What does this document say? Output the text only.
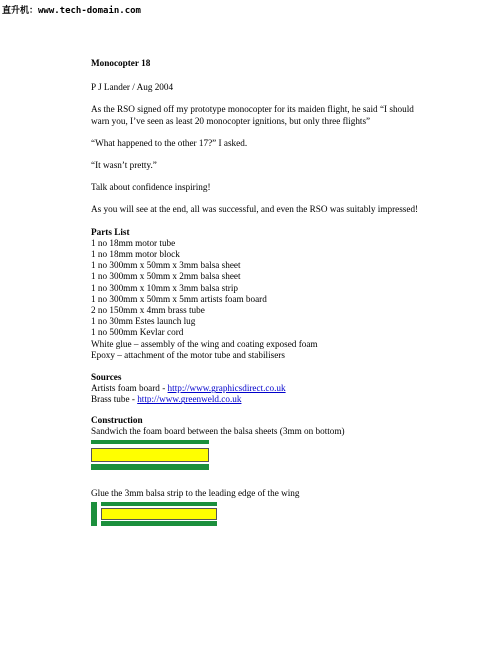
直升机：www.tech-domain.com

Monocopter 18

P J Lander / Aug 2004

As the RSO signed off my prototype monocopter for its maiden flight, he said “I should warn you, I’ve seen as least 20 monocopter ignitions, but only three flights”

“What happened to the other 17?” I asked.

“It wasn’t pretty.”

Talk about confidence inspiring!

As you will see at the end, all was successful, and even the RSO was suitably impressed!

Parts List

1 no 18mm motor tube

1 no 18mm motor block

1 no 300mm x 50mm x 3mm balsa sheet

1 no 300mm x 50mm x 2mm balsa sheet

1 no 300mm x 10mm x 3mm balsa strip

1 no 300mm x 50mm x 5mm artists foam board

2 no 150mm x 4mm brass tube

1 no 30mm Estes launch lug

1 no 500mm Kevlar cord

White glue – assembly of the wing and coating exposed foam

Epoxy – attachment of the motor tube and stabilisers

Sources

Artists foam board - http://www.graphicsdirect.co.uk

Brass tube - http://www.greenweld.co.uk

Construction

Sandwich the foam board between the balsa sheets (3mm on bottom)

Glue the 3mm balsa strip to the leading edge of the wing
